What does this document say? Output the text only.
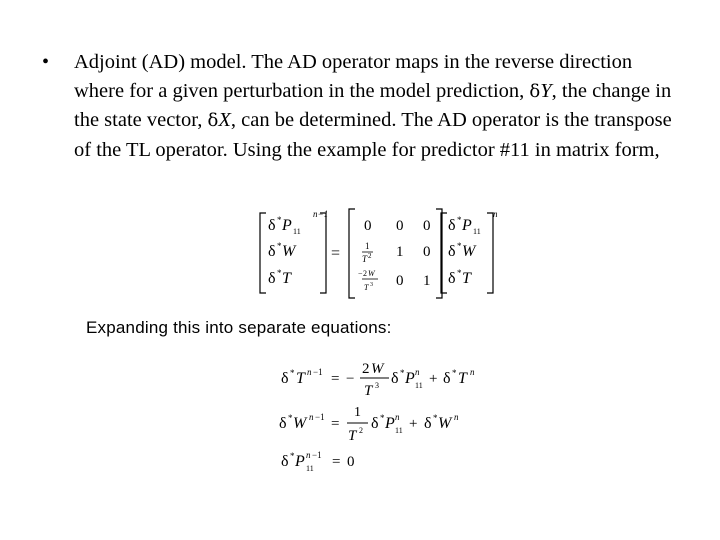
• Adjoint (AD) model. The AD operator maps in the reverse direction where for a given perturbation in the model prediction, δY, the change in the state vector, δX, can be determined. The AD operator is the transpose of the TL operator. Using the example for predictor #11 in matrix form,
n−1
δ * P 11
δ * W
δ * T
=
0 0 0
1
T 2 1 0
− 2 W
T 3 0 1
n
δ * P 11
δ * W
δ * T
Expanding this into separate equations:
δ * T n −1 = −
2 W
T 3 δ * P n
11 + δ * T n
δ * W n −1 =
1
T 2 δ * P n
11 + δ * W n
δ * P n −1
11 = 0
